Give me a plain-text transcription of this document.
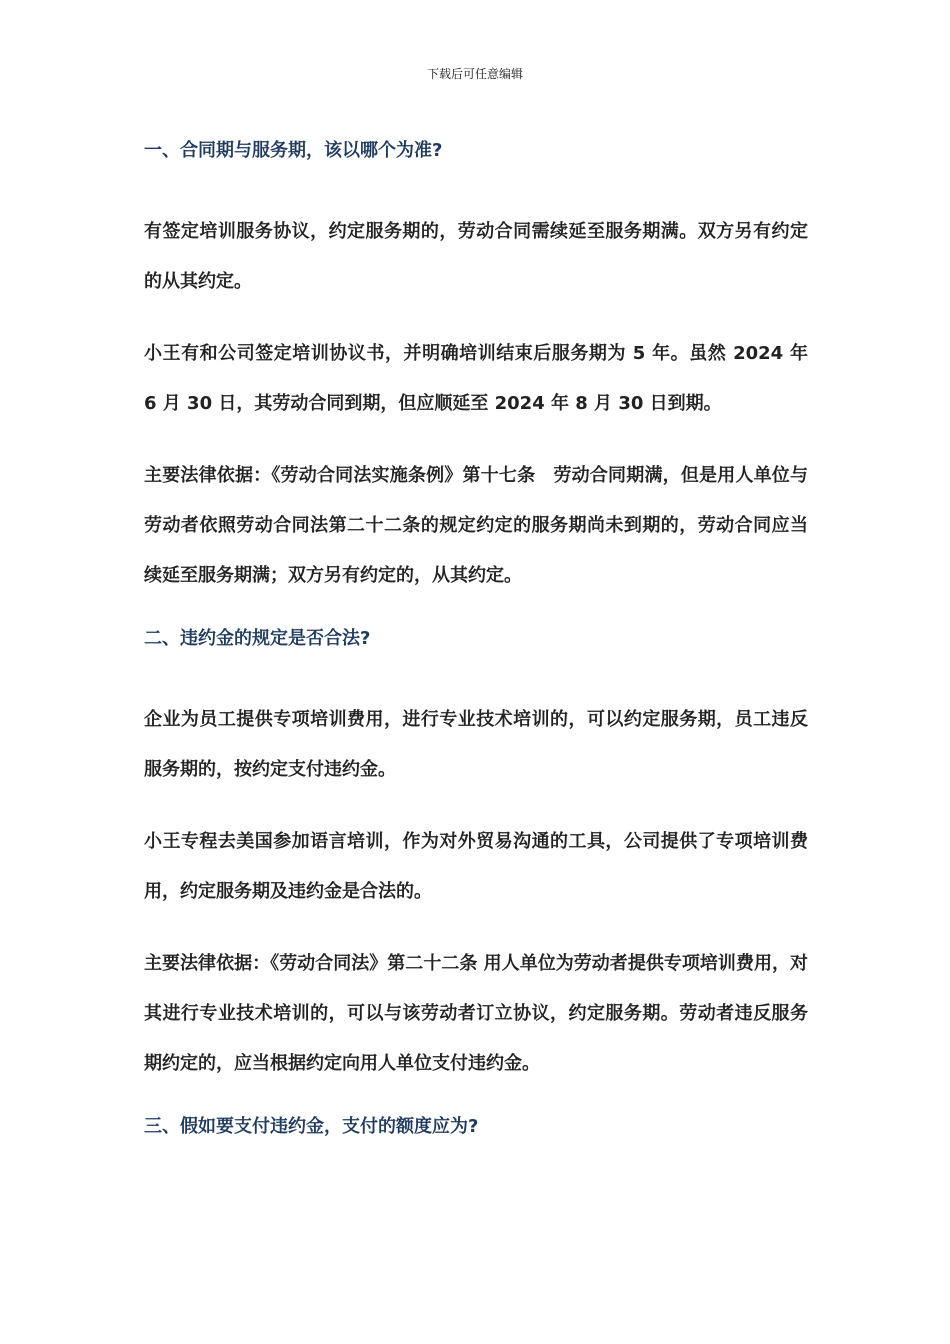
下载后可任意编辑
一、合同期与服务期，该以哪个为准?
有签定培训服务协议，约定服务期的，劳动合同需续延至服务期满。双方另有约定的从其约定。
小王有和公司签定培训协议书，并明确培训结束后服务期为 5 年。虽然 2024 年 6 月 30 日，其劳动合同到期，但应顺延至 2024 年 8 月 30 日到期。
主要法律依据：《劳动合同法实施条例》第十七条　劳动合同期满，但是用人单位与劳动者依照劳动合同法第二十二条的规定约定的服务期尚未到期的，劳动合同应当续延至服务期满；双方另有约定的，从其约定。
二、违约金的规定是否合法?
企业为员工提供专项培训费用，进行专业技术培训的，可以约定服务期，员工违反服务期的，按约定支付违约金。
小王专程去美国参加语言培训，作为对外贸易沟通的工具，公司提供了专项培训费用，约定服务期及违约金是合法的。
主要法律依据：《劳动合同法》第二十二条 用人单位为劳动者提供专项培训费用，对其进行专业技术培训的，可以与该劳动者订立协议，约定服务期。劳动者违反服务期约定的，应当根据约定向用人单位支付违约金。
三、假如要支付违约金，支付的额度应为?
